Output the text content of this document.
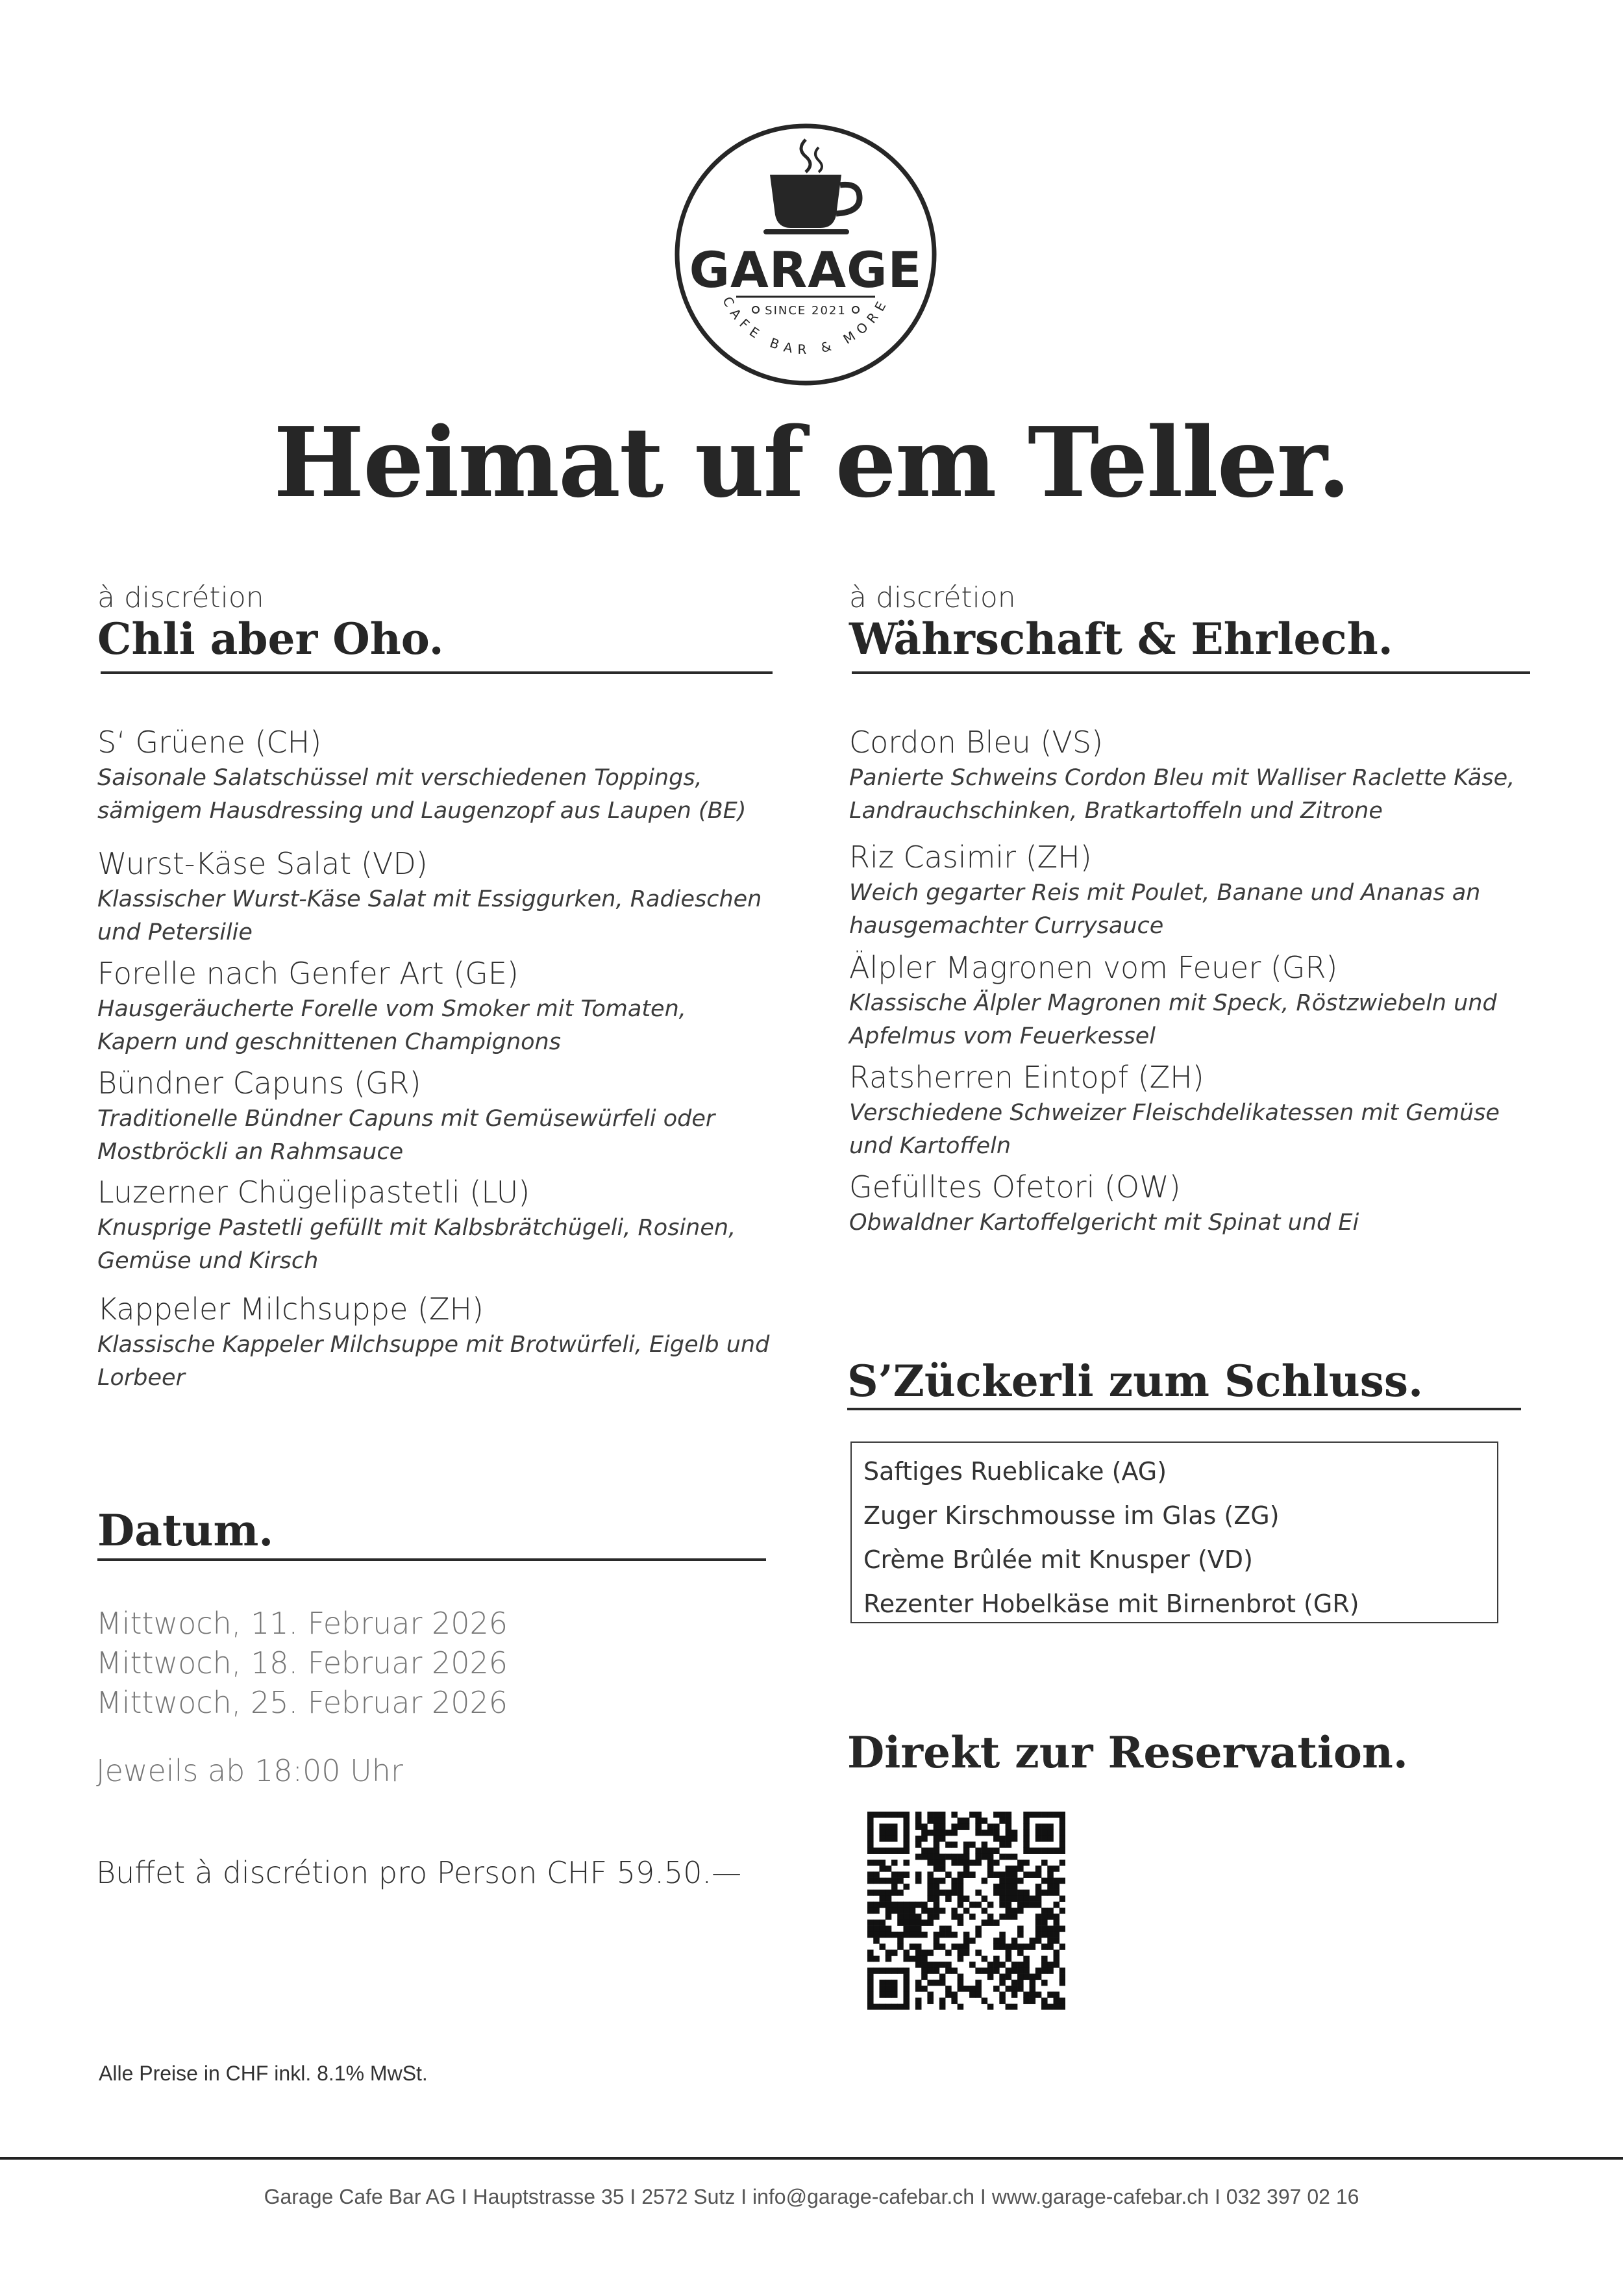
GARAGE
SINCE 2021
CAFE BAR & MORE
Heimat uf em Teller.
à discrétion
Chli aber Oho.
S‘ Grüene (CH)
Saisonale Salatschüssel mit verschiedenen Toppings, sämigem Hausdressing und Laugenzopf aus Laupen (BE)
Wurst-Käse Salat (VD)
Klassischer Wurst-Käse Salat mit Essiggurken, Radieschen und Petersilie
Forelle nach Genfer Art (GE)
Hausgeräucherte Forelle vom Smoker mit Tomaten, Kapern und geschnittenen Champignons
Bündner Capuns (GR)
Traditionelle Bündner Capuns mit Gemüsewürfeli oder Mostbröckli an Rahmsauce
Luzerner Chügelipastetli (LU)
Knusprige Pastetli gefüllt mit Kalbsbrätchügeli, Rosinen, Gemüse und Kirsch
Kappeler Milchsuppe (ZH)
Klassische Kappeler Milchsuppe mit Brotwürfeli, Eigelb und Lorbeer
à discrétion
Währschaft & Ehrlech.
Cordon Bleu (VS)
Panierte Schweins Cordon Bleu mit Walliser Raclette Käse, Landrauchschinken, Bratkartoffeln und Zitrone
Riz Casimir (ZH)
Weich gegarter Reis mit Poulet, Banane und Ananas an hausgemachter Currysauce
Älpler Magronen vom Feuer (GR)
Klassische Älpler Magronen mit Speck, Röstzwiebeln und Apfelmus vom Feuerkessel
Ratsherren Eintopf (ZH)
Verschiedene Schweizer Fleischdelikatessen mit Gemüse und Kartoffeln
Gefülltes Ofetori (OW)
Obwaldner Kartoffelgericht mit Spinat und Ei
S’Zückerli zum Schluss.
Saftiges Rueblicake (AG)
Zuger Kirschmousse im Glas (ZG)
Crème Brûlée mit Knusper (VD)
Rezenter Hobelkäse mit Birnenbrot (GR)
Datum.
Mittwoch, 11. Februar 2026
Mittwoch, 18. Februar 2026
Mittwoch, 25. Februar 2026
Jeweils ab 18:00 Uhr
Buffet à discrétion pro Person CHF 59.50.—
Direkt zur Reservation.
Alle Preise in CHF inkl. 8.1% MwSt.
Garage Cafe Bar AG I Hauptstrasse 35 I 2572 Sutz I info@garage-cafebar.ch I www.garage-cafebar.ch I 032 397 02 16
